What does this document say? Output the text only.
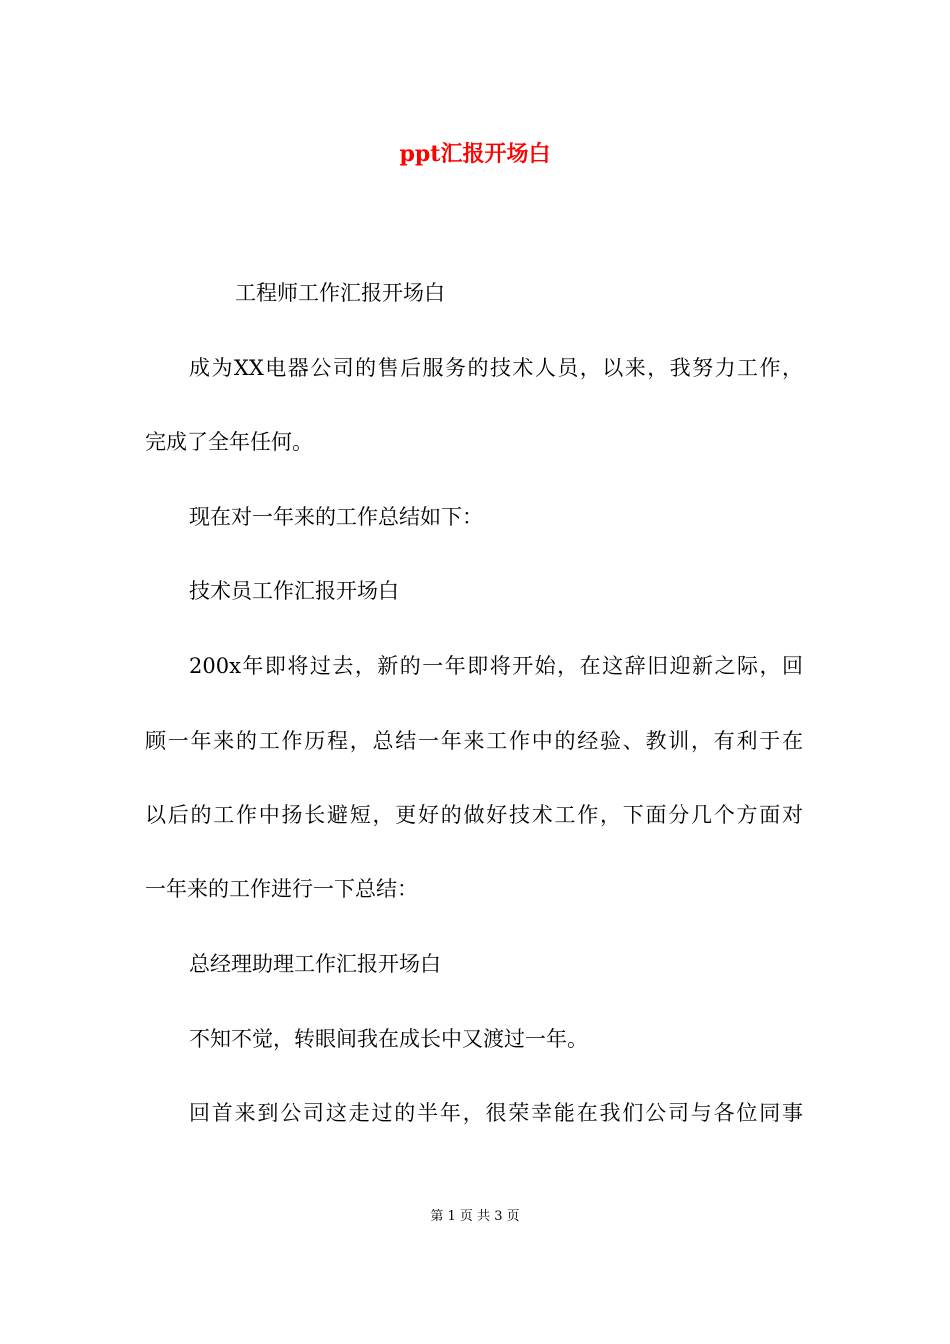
ppt汇报开场白
工程师工作汇报开场白
成为XX电器公司的售后服务的技术人员，以来，我努力工作，
完成了全年任何。
现在对一年来的工作总结如下：
技术员工作汇报开场白
200x年即将过去，新的一年即将开始，在这辞旧迎新之际，回
顾一年来的工作历程，总结一年来工作中的经验、教训，有利于在
以后的工作中扬长避短，更好的做好技术工作，下面分几个方面对
一年来的工作进行一下总结：
总经理助理工作汇报开场白
不知不觉，转眼间我在成长中又渡过一年。
回首来到公司这走过的半年，很荣幸能在我们公司与各位同事
第 1 页 共 3 页
